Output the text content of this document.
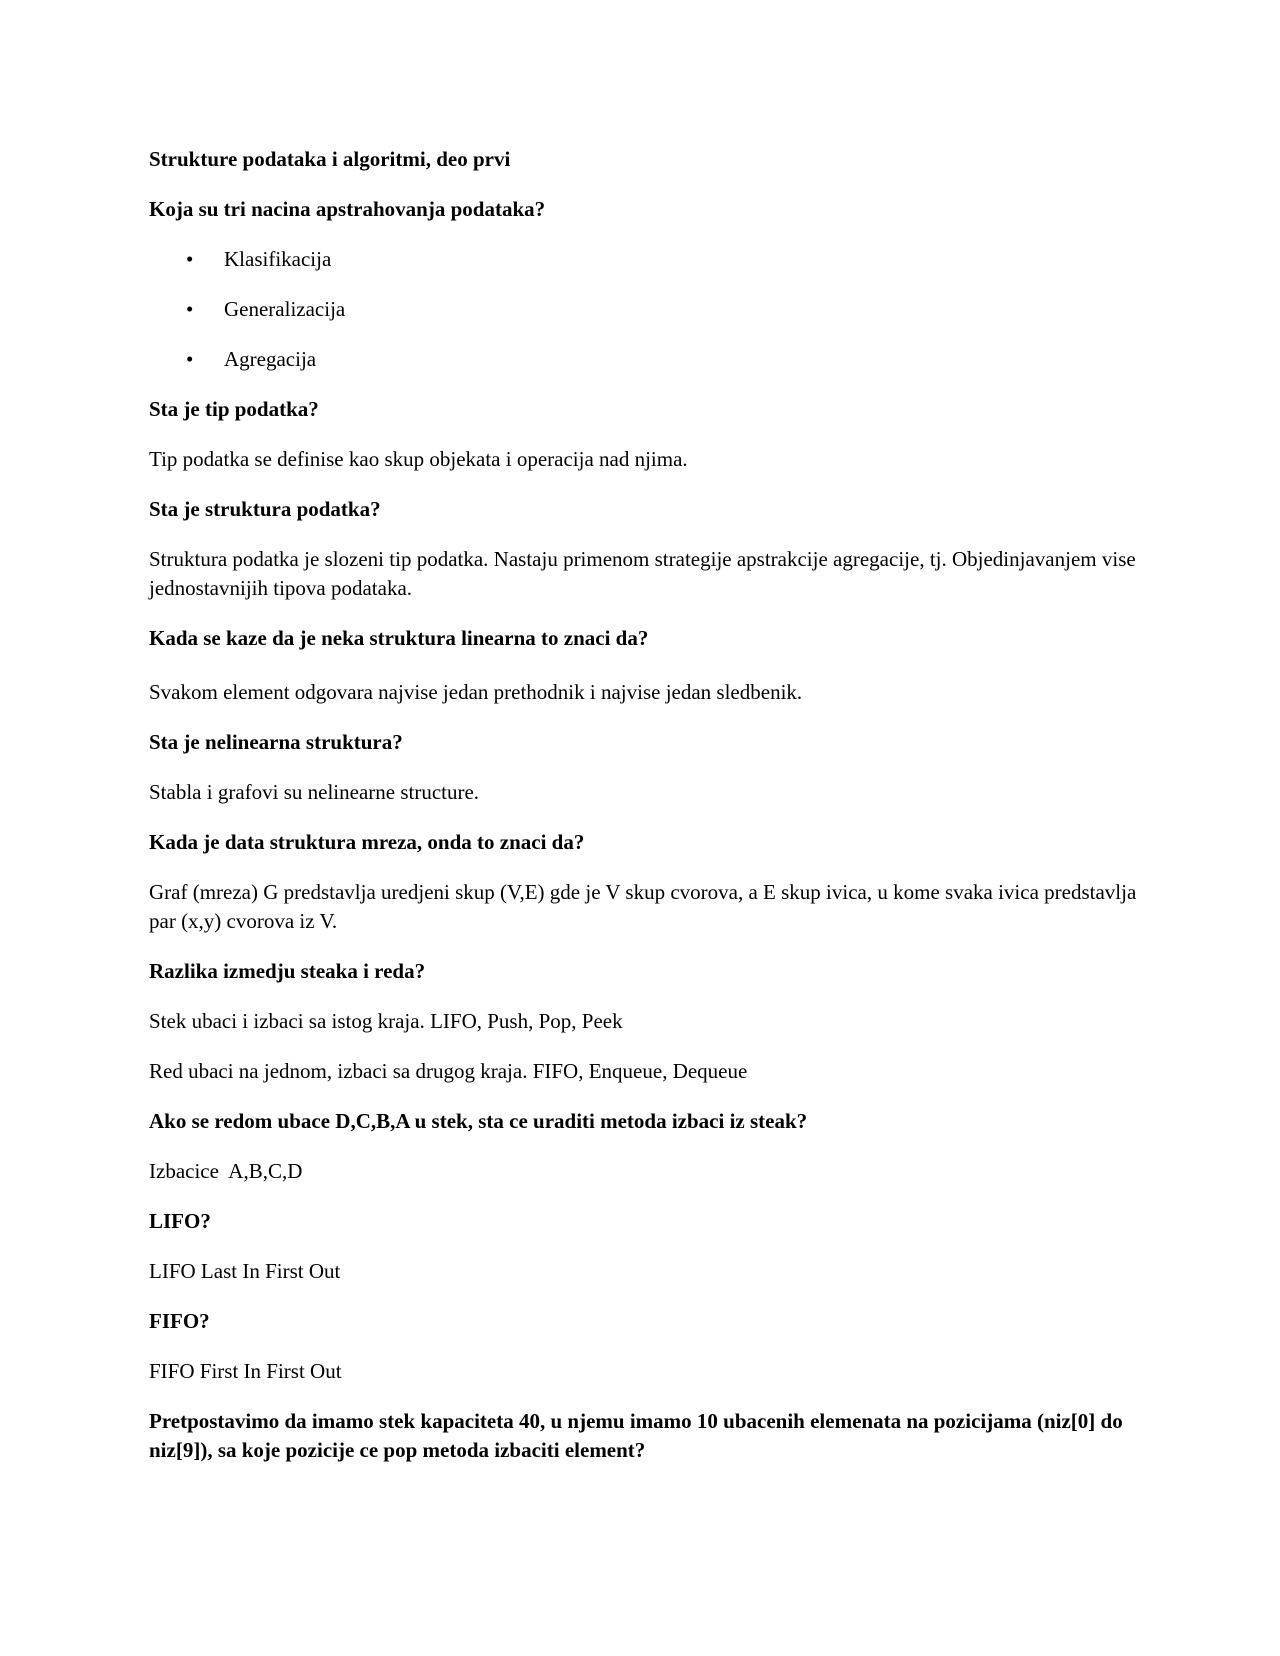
Strukture podataka i algoritmi, deo prvi

Koja su tri nacina apstrahovanja podataka?

• Klasifikacija
• Generalizacija
• Agregacija

Sta je tip podatka?

Tip podatka se definise kao skup objekata i operacija nad njima.

Sta je struktura podatka?

Struktura podatka je slozeni tip podatka. Nastaju primenom strategije apstrakcije agregacije, tj. Objedinjavanjem vise jednostavnijih tipova podataka.

Kada se kaze da je neka struktura linearna to znaci da?

Svakom element odgovara najvise jedan prethodnik i najvise jedan sledbenik.

Sta je nelinearna struktura?

Stabla i grafovi su nelinearne structure.

Kada je data struktura mreza, onda to znaci da?

Graf (mreza) G predstavlja uredjeni skup (V,E) gde je V skup cvorova, a E skup ivica, u kome svaka ivica predstavlja par (x,y) cvorova iz V.

Razlika izmedju steaka i reda?

Stek ubaci i izbaci sa istog kraja. LIFO, Push, Pop, Peek

Red ubaci na jednom, izbaci sa drugog kraja. FIFO, Enqueue, Dequeue

Ako se redom ubace D,C,B,A u stek, sta ce uraditi metoda izbaci iz steak?

Izbacice  A,B,C,D

LIFO?

LIFO Last In First Out

FIFO?

FIFO First In First Out

Pretpostavimo da imamo stek kapaciteta 40, u njemu imamo 10 ubacenih elemenata na pozicijama (niz[0] do niz[9]), sa koje pozicije ce pop metoda izbaciti element?
